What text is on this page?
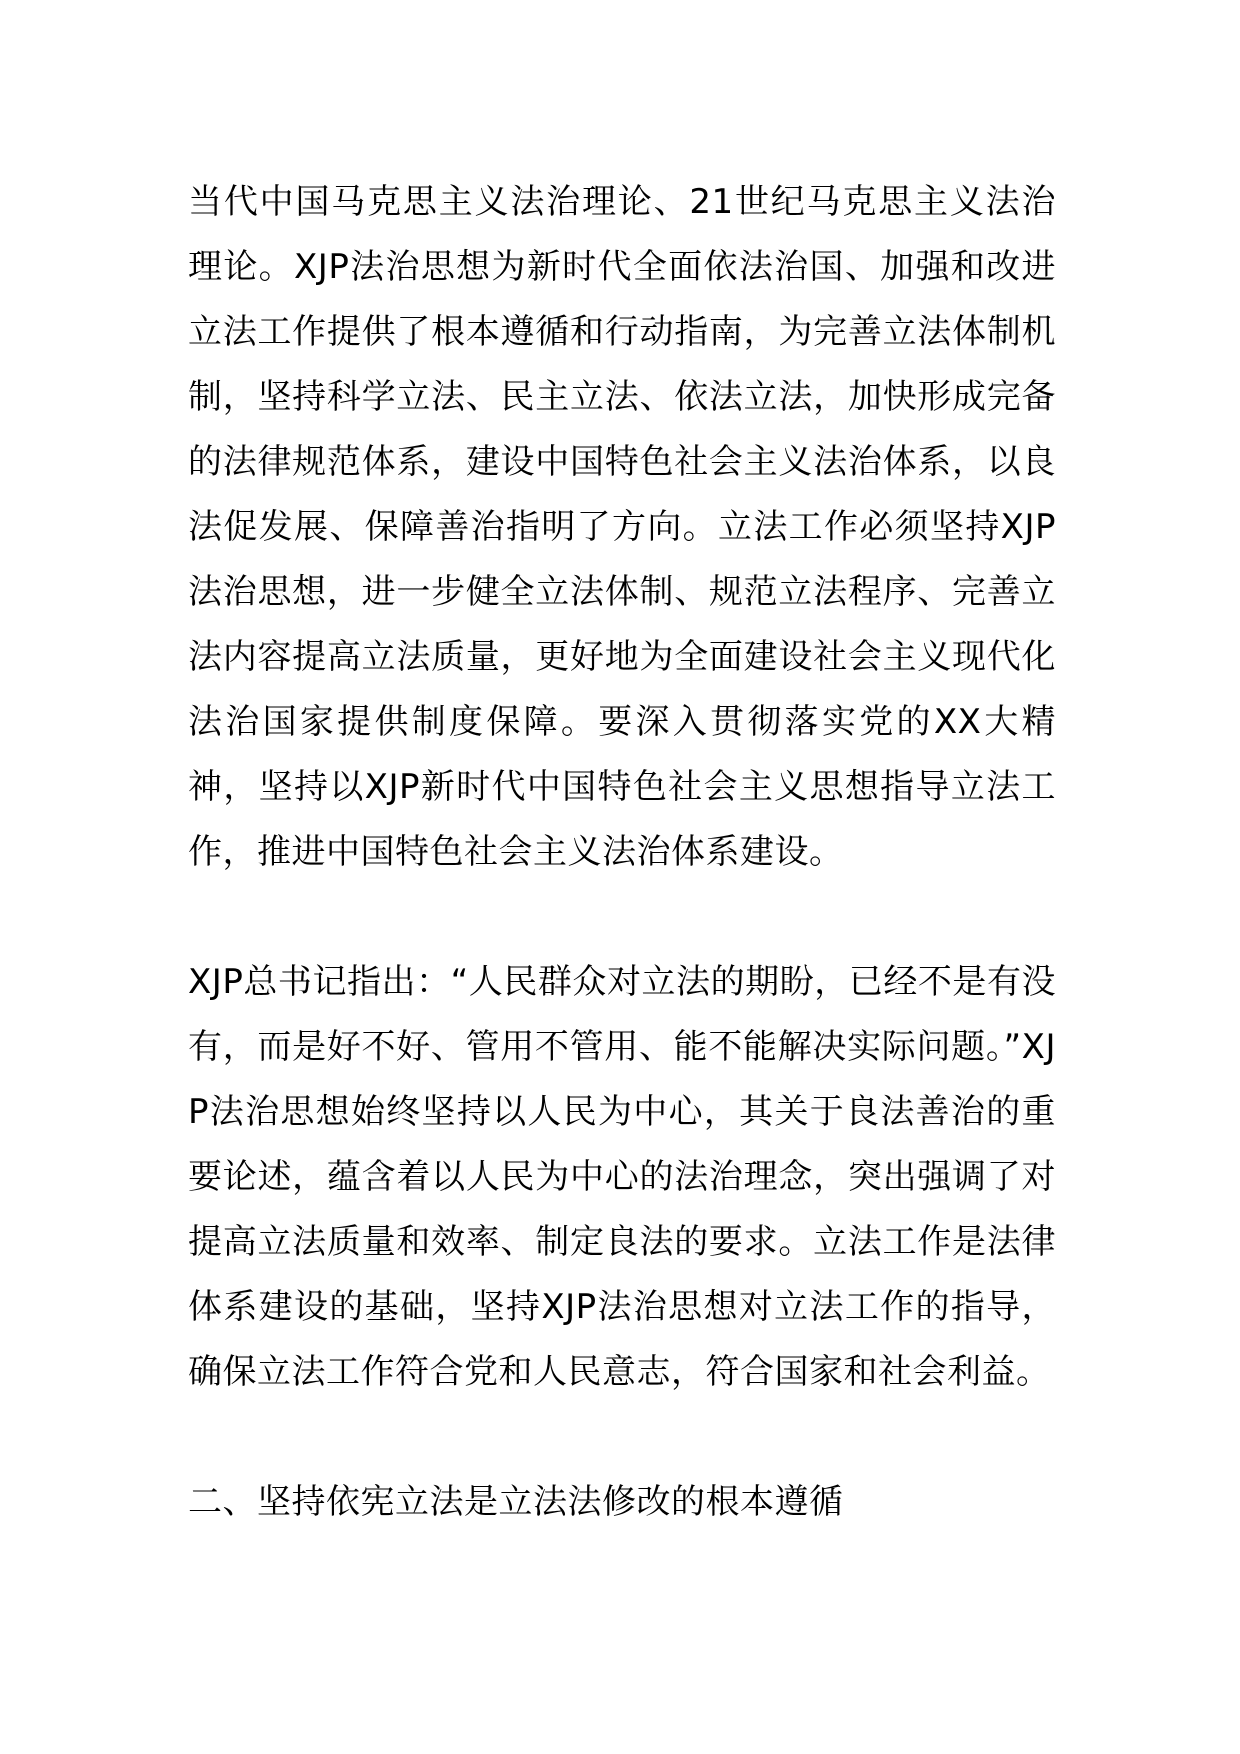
当代中国马克思主义法治理论、21世纪马克思主义法治理论。XJP法治思想为新时代全面依法治国、加强和改进立法工作提供了根本遵循和行动指南，为完善立法体制机制，坚持科学立法、民主立法、依法立法，加快形成完备的法律规范体系，建设中国特色社会主义法治体系，以良法促发展、保障善治指明了方向。立法工作必须坚持XJP法治思想，进一步健全立法体制、规范立法程序、完善立法内容提高立法质量，更好地为全面建设社会主义现代化法治国家提供制度保障。要深入贯彻落实党的XX大精神，坚持以XJP新时代中国特色社会主义思想指导立法工作，推进中国特色社会主义法治体系建设。

XJP总书记指出：“人民群众对立法的期盼，已经不是有没有，而是好不好、管用不管用、能不能解决实际问题。”XJP法治思想始终坚持以人民为中心，其关于良法善治的重要论述，蕴含着以人民为中心的法治理念，突出强调了对提高立法质量和效率、制定良法的要求。立法工作是法律体系建设的基础，坚持XJP法治思想对立法工作的指导，确保立法工作符合党和人民意志，符合国家和社会利益。

二、坚持依宪立法是立法法修改的根本遵循
